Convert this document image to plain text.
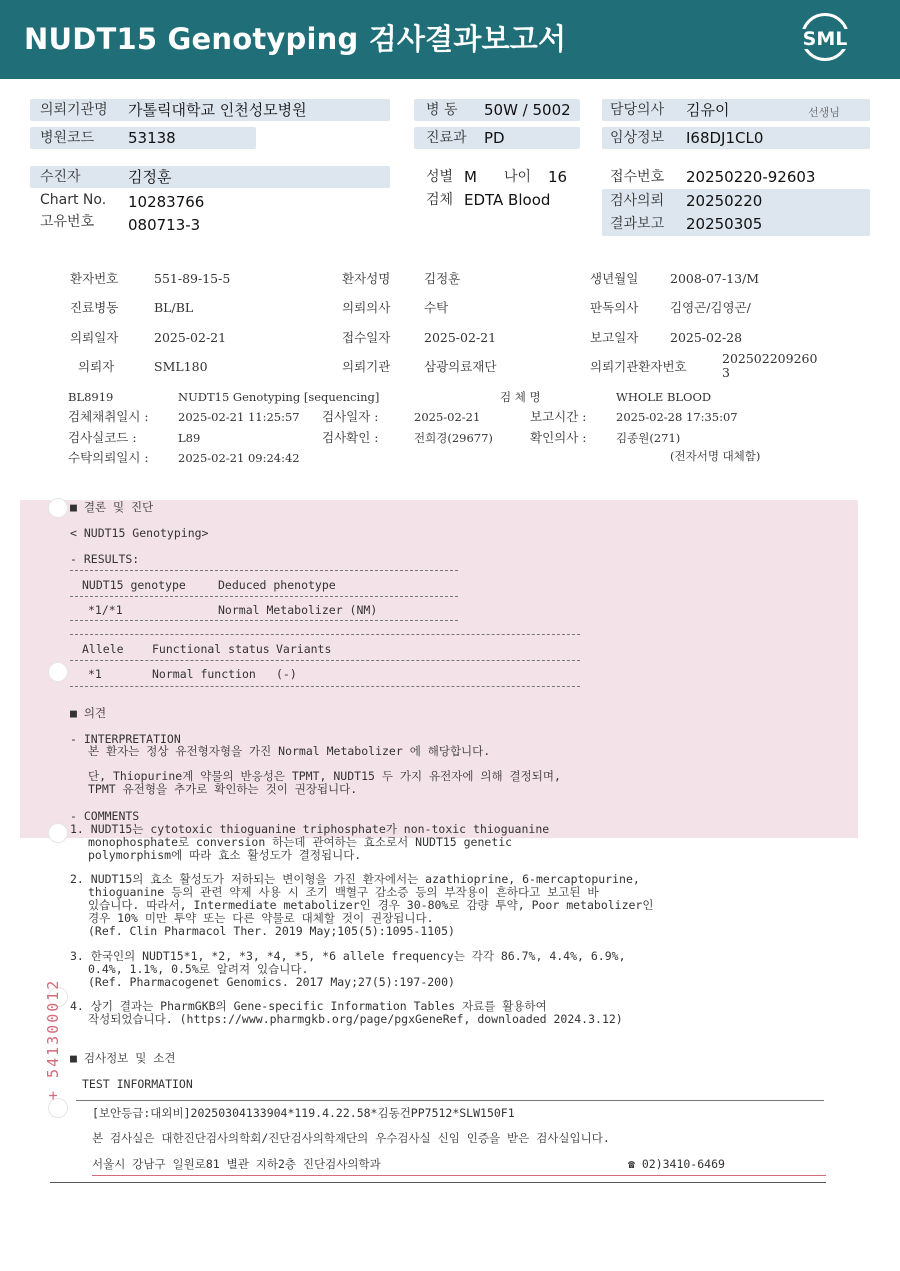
NUDT15 Genotyping 검사결과보고서	SML
의뢰기관명 가톨릭대학교 인천성모병원
병원코드 53138
병 동 50W / 5002
진료과 PD
담당의사 김유이	선생님
임상정보 I68DJ1CL0
수진자	김정훈
Chart No. 10283766
고유번호 080713-3
성별 M 나이 16
검체 EDTA Blood
접수번호 20250220-92603
검사의뢰 20250220
결과보고 20250305
환자번호	551-89-15-5	환자성명	김정훈	생년월일	2008-07-13/M
진료병동	BL/BL	의뢰의사	수탁	판독의사	김영곤/김영곤/
의뢰일자	2025-02-21	접수일자	2025-02-21	보고일자	2025-02-28
의뢰자	SML180	의뢰기관	삼광의료재단	의뢰기관환자번호
202502209260
3
BL8919	NUDT15 Genotyping [sequencing]	검 체 명	WHOLE BLOOD
검체채취일시 :	2025-02-21 11:25:57 검사일자 :	2025-02-21	보고시간 :	2025-02-28 17:35:07
검사실코드 :	L89	검사확인 :	전희경(29677)	확인의사 :	김종원(271)
수탁의뢰일시 :	2025-02-21 09:24:42	(전자서명 대체함)
■ 결론 및 진단
< NUDT15 Genotyping>
- RESULTS:
NUDT15 genotype	Deduced phenotype
*1/*1	Normal Metabolizer (NM)
Allele Functional status Variants
*1	Normal function (-)
■ 의견
- INTERPRETATION
본 환자는 정상 유전형자형을 가진 Normal Metabolizer 에 해당합니다.
단, Thiopurine계 약물의 반응성은 TPMT, NUDT15 두 가지 유전자에 의해 결정되며,
TPMT 유전형을 추가로 확인하는 것이 권장됩니다.
- COMMENTS
1. NUDT15는 cytotoxic thioguanine triphosphate가 non-toxic thioguanine
monophosphate로 conversion 하는데 관여하는 효소로서 NUDT15 genetic
polymorphism에 따라 효소 활성도가 결정됩니다.
2. NUDT15의 효소 활성도가 저하되는 변이형을 가진 환자에서는 azathioprine, 6-mercaptopurine,
thioguanine 등의 관련 약제 사용 시 조기 백혈구 감소증 등의 부작용이 흔하다고 보고된 바
있습니다. 따라서, Intermediate metabolizer인 경우 30-80%로 감량 투약, Poor metabolizer인
경우 10% 미만 투약 또는 다른 약물로 대체할 것이 권장됩니다.
(Ref. Clin Pharmacol Ther. 2019 May;105(5):1095-1105)
3. 한국인의 NUDT15*1, *2, *3, *4, *5, *6 allele frequency는 각각 86.7%, 4.4%, 6.9%,
0.4%, 1.1%, 0.5%로 알려져 있습니다.
(Ref. Pharmacogenet Genomics. 2017 May;27(5):197-200)
4. 상기 결과는 PharmGKB의 Gene-specific Information Tables 자료를 활용하여
작성되었습니다. (https://www.pharmgkb.org/page/pgxGeneRef, downloaded 2024.3.12)
■ 검사정보 및 소견
TEST INFORMATION
[보안등급:대외비]20250304133904*119.4.22.58*김동건PP7512*SLW150F1
본 검사실은 대한진단검사의학회/진단검사의학재단의 우수검사실 신임 인증을 받은 검사실입니다.
서울시 강남구 일원로81 별관 지하2층 진단검사의학과	☎ 02)3410-6469
+ 541300012
